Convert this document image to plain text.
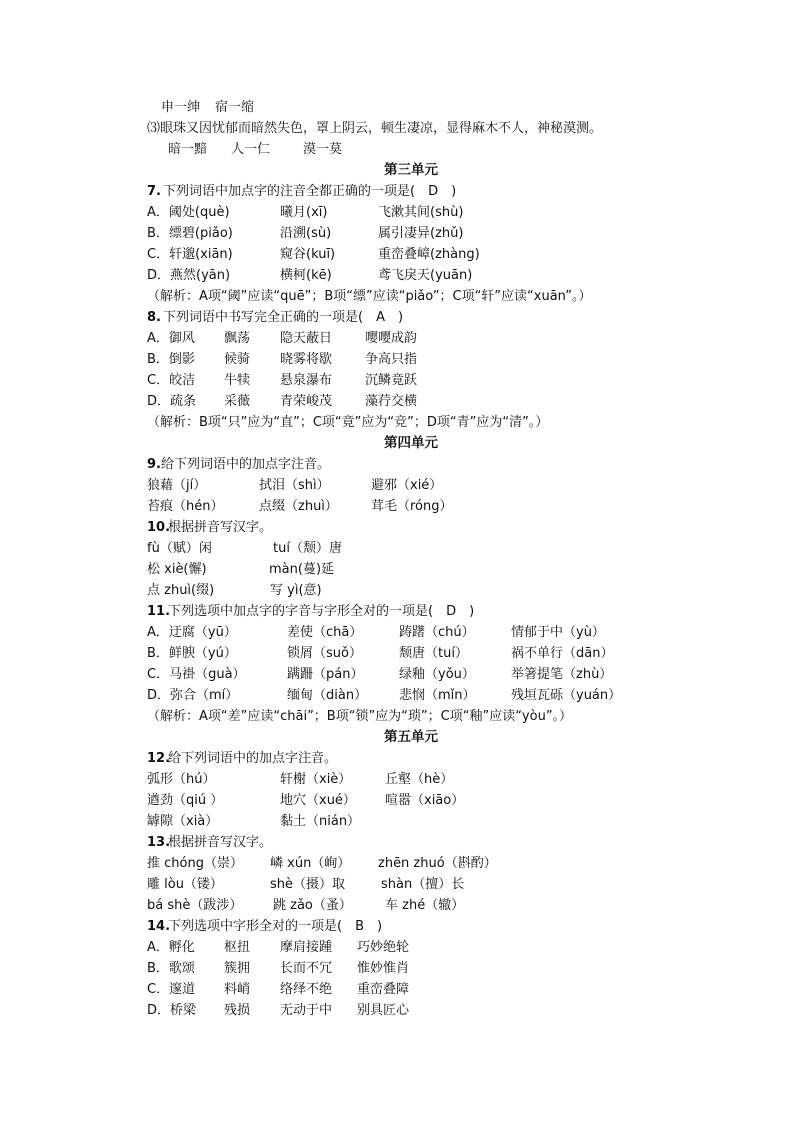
申一绅 宿一缩
⑶眼珠又因忧郁而暗然失色，罩上阴云，顿生凄凉，显得麻木不人，神秘漠测。
暗一黯 人一仁	漠一莫
第三单元
7. 下列词语中加点字的注音全都正确的一项是(　D　)
A．阈处(què)	曦月(xī)	飞漱其间(shù)
B．缥碧(piǎo)	沿溯(sù)	属引凄异(zhǔ)
C．轩邈(xiān)	窥谷(kuī)	重峦叠嶂(zhàng)
D．燕然(yān)	横柯(kē)	鸢飞戾天(yuān)
（解析：A项“阈”应读“quē”；B项“缥”应读“piǎo”；C项“轩”应读“xuān”。）
8. 下列词语中书写完全正确的一项是(　A　)
A．御风 飘荡 隐天蔽日	嘤嘤成韵
B．倒影 候骑 晓雾将歇	争高只指
C．皎洁 牛犊 悬泉瀑布	沉鳞竟跃
D．疏条 采薇 青荣峻茂	藻荇交横
（解析：B项“只”应为“直”；C项“竟”应为“竞”；D项“青”应为“清”。）
第四单元
9. 给下列词语中的加点字注音。
狼藉（jí）	拭泪（shì）	避邪（xié）
苔痕（hén）	点缀（zhuì）	茸毛（róng）
10.
根据拼音写汉字。
fù（赋）闲	tuí（颓）唐
松 xiè(懈)	màn(蔓)延
点 zhuì(缀)	写 yì(意)
11.
下列选项中加点字的字音与字形全对的一项是(　D　)
A．迂腐（yū）	差使（chā）	踌躇（chú）	情郁于中（yù）
B．鲜腴（yú）	锁屑（suǒ）	颓唐（tuí）	祸不单行（dān）
C．马褂（guà）	蹒跚（pán）	绿釉（yǒu）	举箸提笔（zhù）
D．弥合（mí）	缅甸（diàn） 悲悯（mǐn）	残垣瓦砾（yuán）
（解析：A项“差”应读“chāi”；B项“锁”应为“琐”；C项“釉”应读“yòu”。）
第五单元
12.
给下列词语中的加点字注音。
弧形（hú）	轩榭（xiè）	丘壑（hè）
遒劲（qiú ）	地穴（xué） 喧嚣（xiāo）
罅隙（xià）	黏土（nián）
13.
根据拼音写汉字。
推 chóng（崇） 嶙 xún（峋） zhēn zhuó（斟酌）
雕 lòu（镂）	shè（摄）取	shàn（擅）长
bá shè（跋涉） 跳 zǎo（蚤）	车 zhé（辙）
14.
下列选项中字形全对的一项是(　B　)
A．孵化 枢扭 摩肩接踵 巧妙绝轮
B．歌颂 簇拥 长而不冗 惟妙惟肖
C．邃道 料峭 络绎不绝 重峦叠障
D．桥梁 残损 无动于中 别具匠心
